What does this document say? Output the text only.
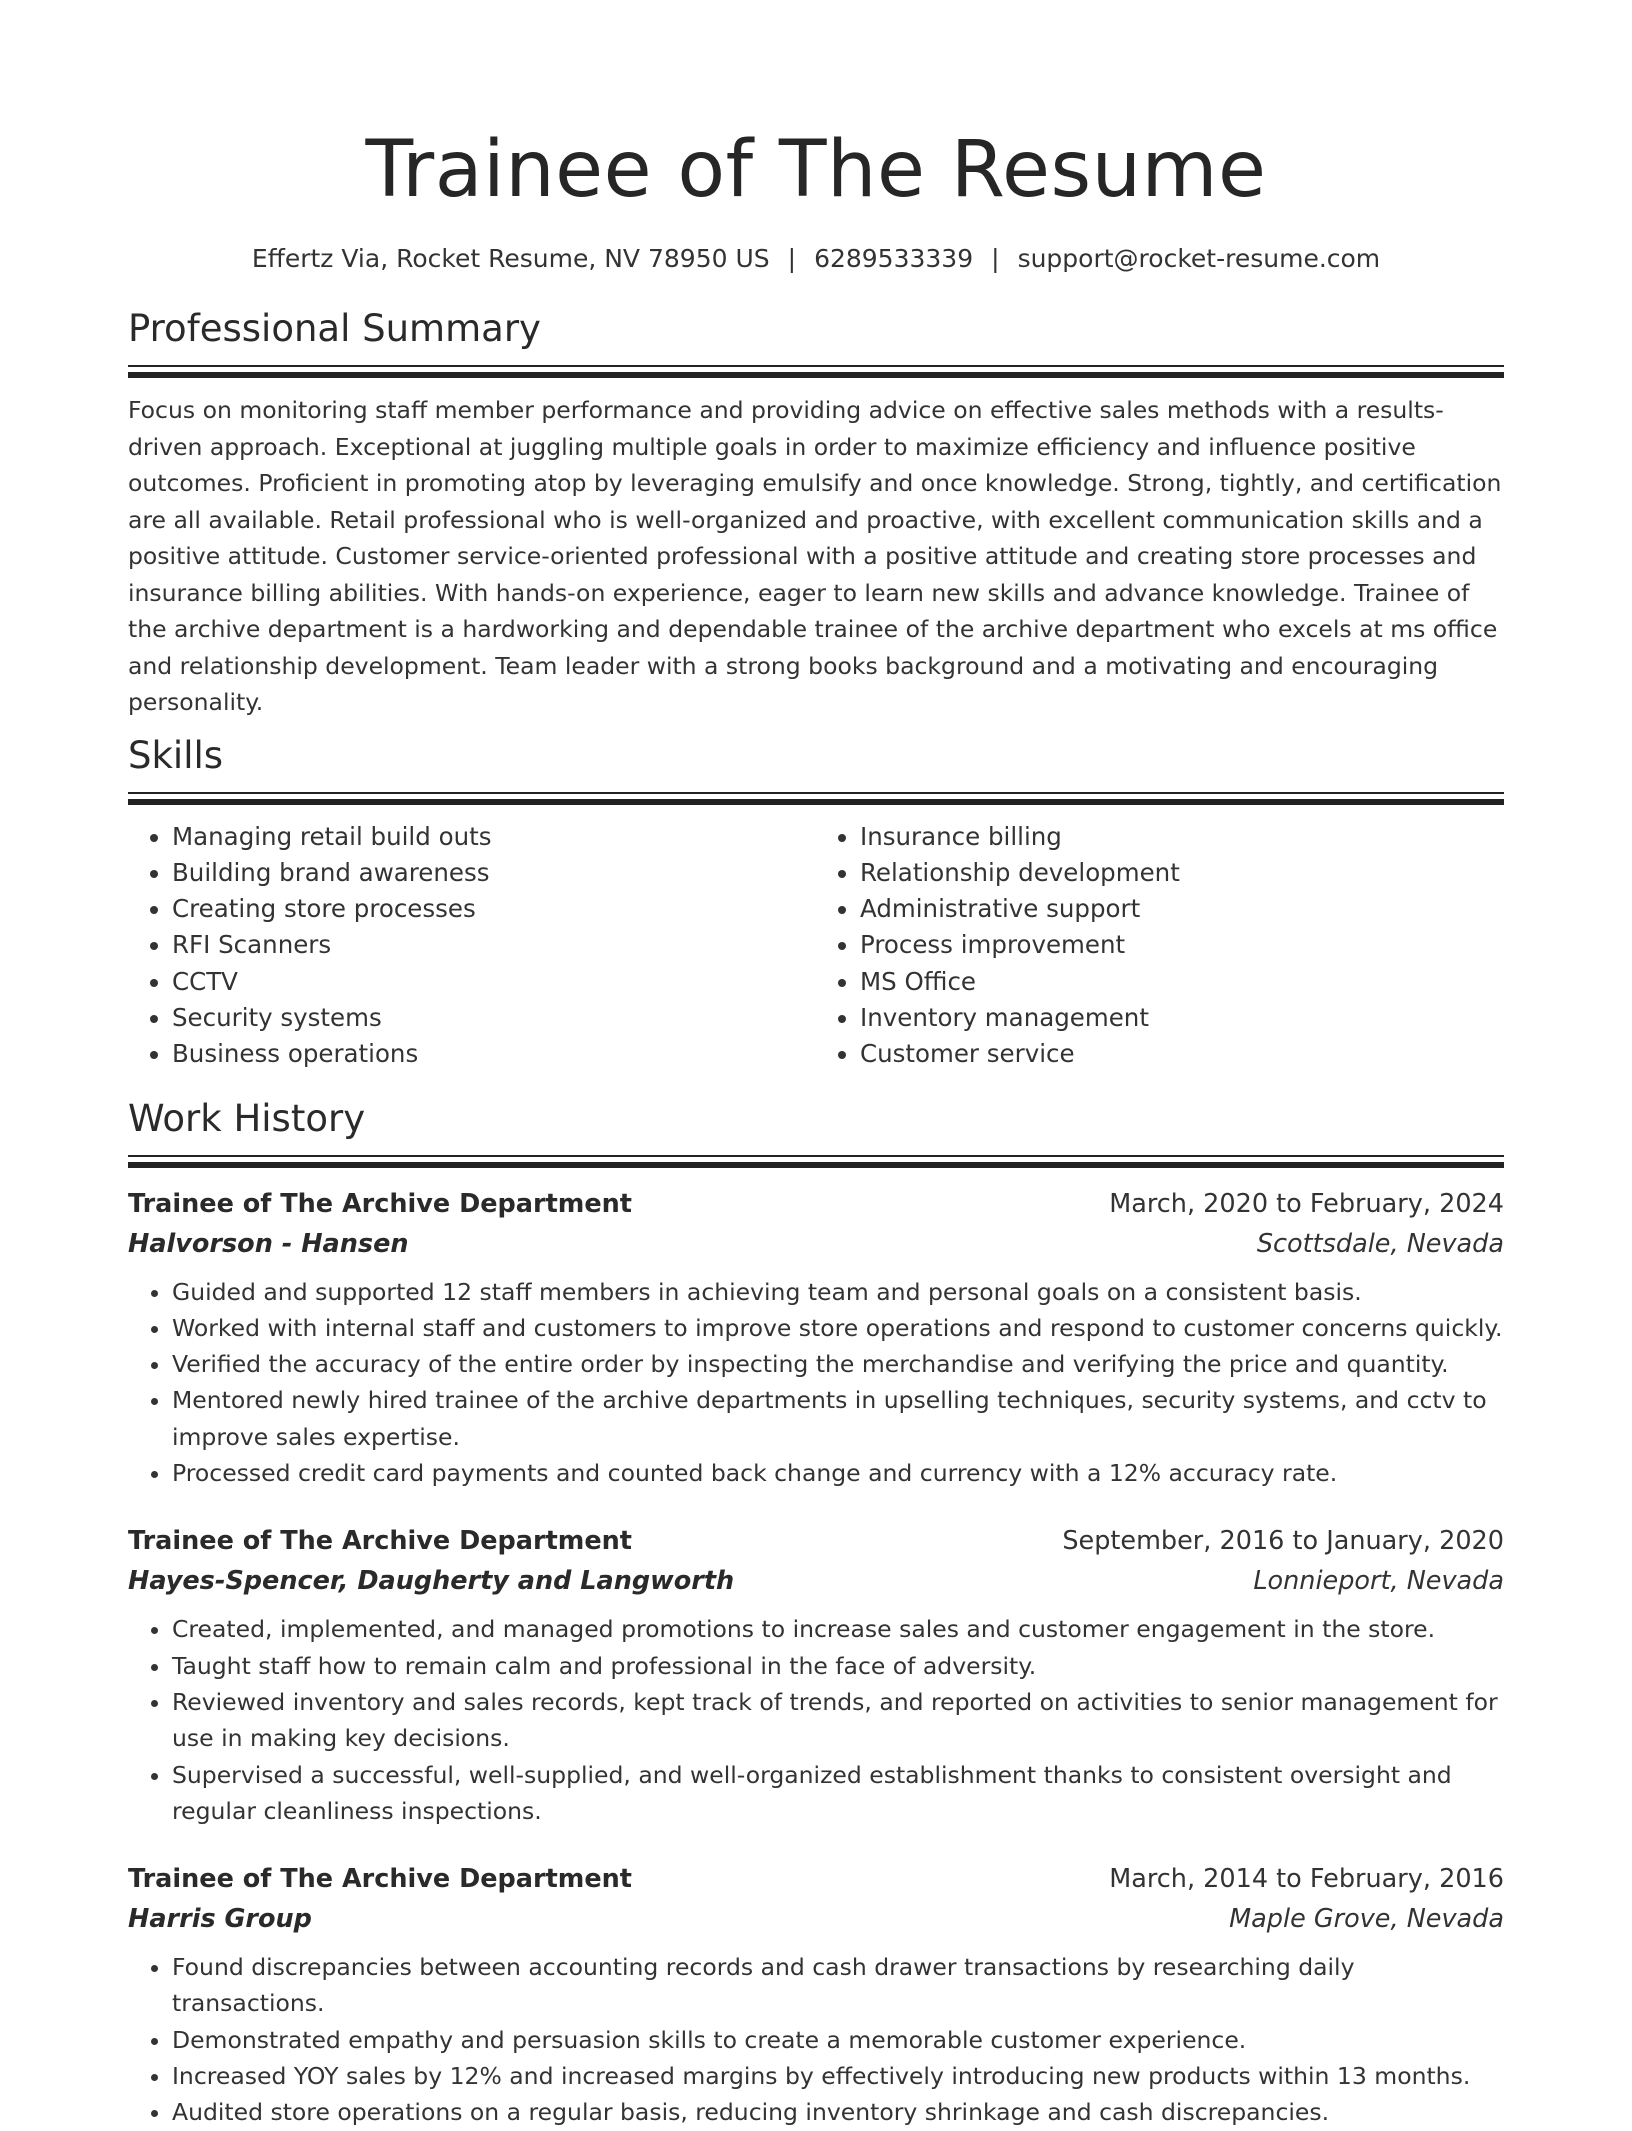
Trainee of The Resume
Effertz Via, Rocket Resume, NV 78950 US | 6289533339 | support@rocket-resume.com
Professional Summary

Focus on monitoring staff member performance and providing advice on effective sales methods with a results-driven approach. Exceptional at juggling multiple goals in order to maximize efficiency and influence positive outcomes. Proficient in promoting atop by leveraging emulsify and once knowledge. Strong, tightly, and certification are all available. Retail professional who is well-organized and proactive, with excellent communication skills and a positive attitude. Customer service-oriented professional with a positive attitude and creating store processes and insurance billing abilities. With hands-on experience, eager to learn new skills and advance knowledge. Trainee of the archive department is a hardworking and dependable trainee of the archive department who excels at ms office and relationship development. Team leader with a strong books background and a motivating and encouraging personality.

Skills
• Managing retail build outs
• Building brand awareness
• Creating store processes
• RFI Scanners
• CCTV
• Security systems
• Business operations
• Insurance billing
• Relationship development
• Administrative support
• Process improvement
• MS Office
• Inventory management
• Customer service
Work History
Trainee of The Archive Department	March, 2020 to February, 2024
Halvorson - Hansen	Scottsdale, Nevada
• Guided and supported 12 staff members in achieving team and personal goals on a consistent basis.
• Worked with internal staff and customers to improve store operations and respond to customer concerns quickly.
• Verified the accuracy of the entire order by inspecting the merchandise and verifying the price and quantity.
• Mentored newly hired trainee of the archive departments in upselling techniques, security systems, and cctv to improve sales expertise.
• Processed credit card payments and counted back change and currency with a 12% accuracy rate.
Trainee of The Archive Department	September, 2016 to January, 2020
Hayes-Spencer, Daugherty and Langworth	Lonnieport, Nevada
• Created, implemented, and managed promotions to increase sales and customer engagement in the store.
• Taught staff how to remain calm and professional in the face of adversity.
• Reviewed inventory and sales records, kept track of trends, and reported on activities to senior management for use in making key decisions.
• Supervised a successful, well-supplied, and well-organized establishment thanks to consistent oversight and regular cleanliness inspections.
Trainee of The Archive Department	March, 2014 to February, 2016
Harris Group	Maple Grove, Nevada
• Found discrepancies between accounting records and cash drawer transactions by researching daily transactions.
• Demonstrated empathy and persuasion skills to create a memorable customer experience.
• Increased YOY sales by 12% and increased margins by effectively introducing new products within 13 months.
• Audited store operations on a regular basis, reducing inventory shrinkage and cash discrepancies.
